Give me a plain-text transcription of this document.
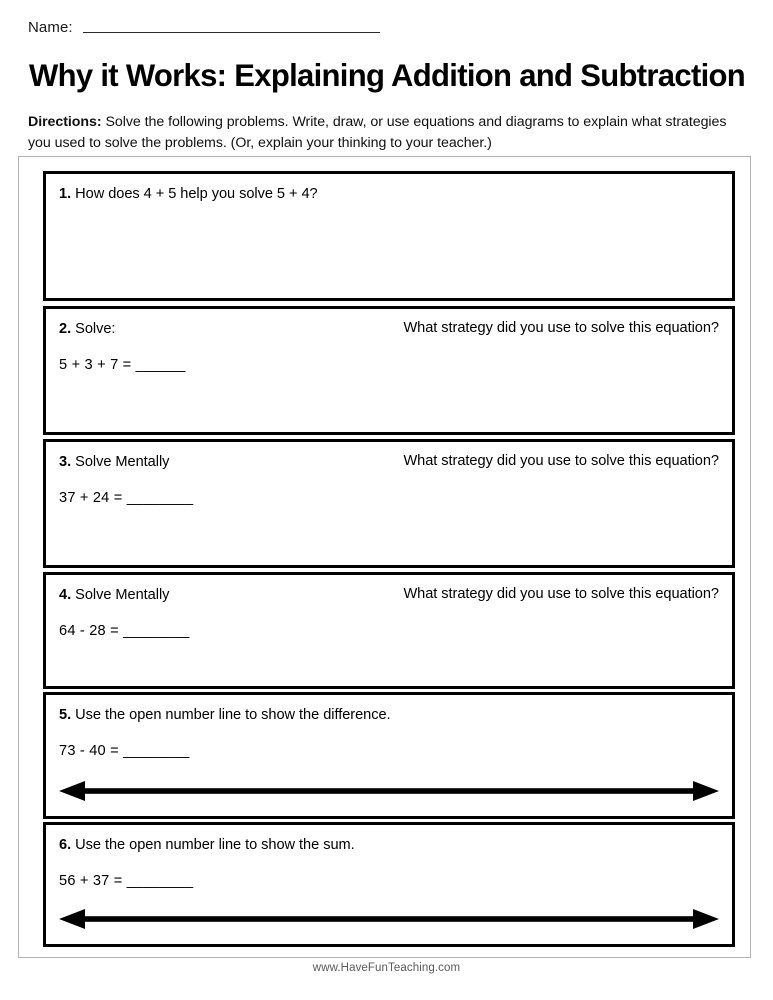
Name:
Why it Works: Explaining Addition and Subtraction
Directions: Solve the following problems. Write, draw, or use equations and diagrams to explain what strategies you used to solve the problems. (Or, explain your thinking to your teacher.)
1. How does 4 + 5 help you solve 5 + 4?
2. Solve:	What strategy did you use to solve this equation?
5 + 3 + 7 = ______
3. Solve Mentally	What strategy did you use to solve this equation?
37 + 24 = ________
4. Solve Mentally	What strategy did you use to solve this equation?
64 - 28 = ________
5. Use the open number line to show the difference.
73 - 40 = ________
6. Use the open number line to show the sum.
56 + 37 = ________
www.HaveFunTeaching.com
